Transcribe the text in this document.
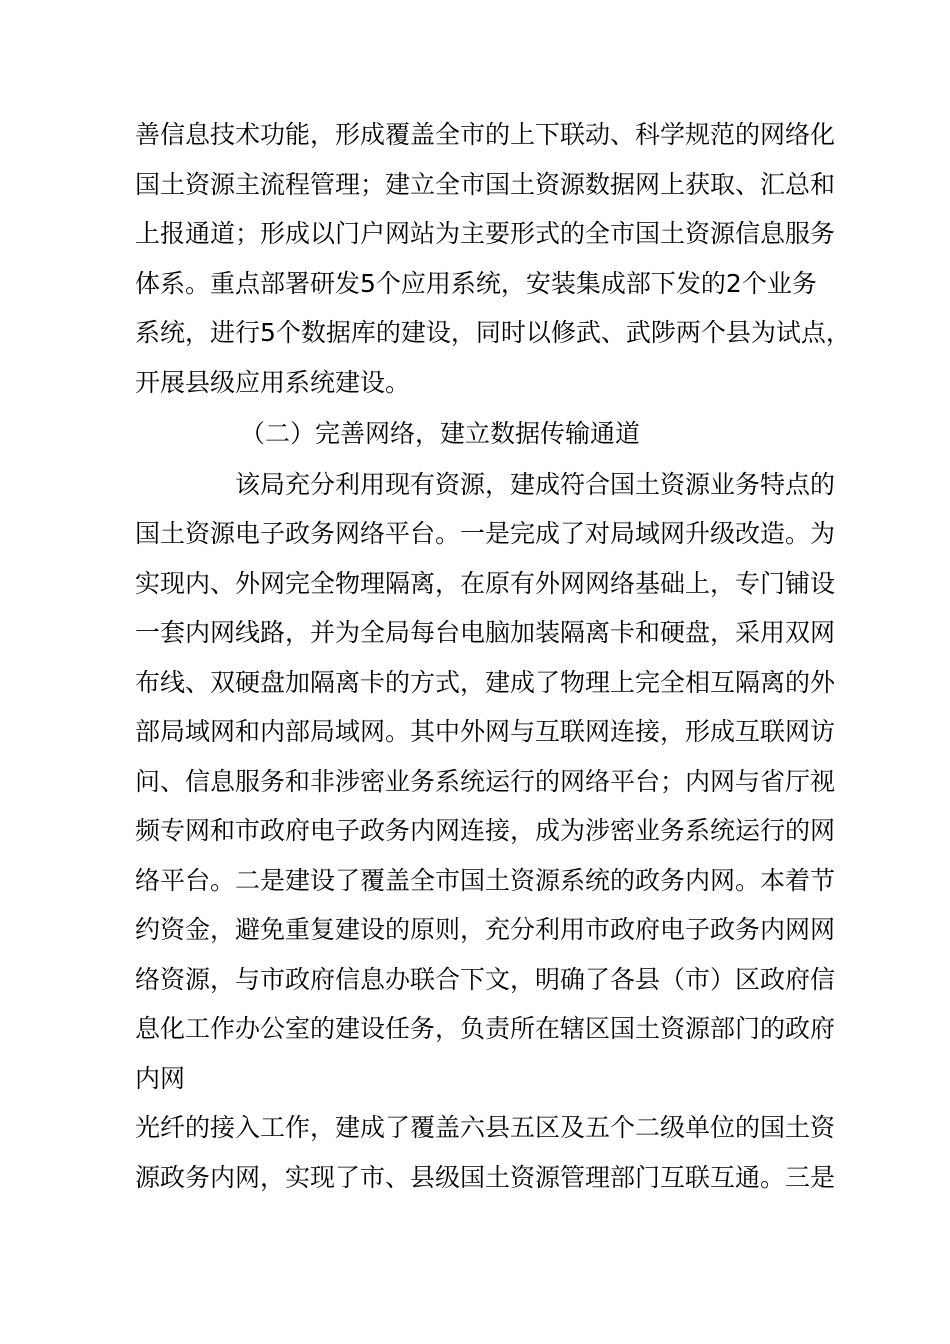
善信息技术功能，形成覆盖全市的上下联动、科学规范的网络化
国土资源主流程管理；建立全市国土资源数据网上获取、汇总和
上报通道；形成以门户网站为主要形式的全市国土资源信息服务
体系。重点部署研发5个应用系统，安装集成部下发的2个业务
系统，进行5个数据库的建设，同时以修武、武陟两个县为试点，
开展县级应用系统建设。
（二）完善网络，建立数据传输通道
该局充分利用现有资源，建成符合国土资源业务特点的
国土资源电子政务网络平台。一是完成了对局域网升级改造。为
实现内、外网完全物理隔离，在原有外网网络基础上，专门铺设
一套内网线路，并为全局每台电脑加装隔离卡和硬盘，采用双网
布线、双硬盘加隔离卡的方式，建成了物理上完全相互隔离的外
部局域网和内部局域网。其中外网与互联网连接，形成互联网访
问、信息服务和非涉密业务系统运行的网络平台；内网与省厅视
频专网和市政府电子政务内网连接，成为涉密业务系统运行的网
络平台。二是建设了覆盖全市国土资源系统的政务内网。本着节
约资金，避免重复建设的原则，充分利用市政府电子政务内网网
络资源，与市政府信息办联合下文，明确了各县（市）区政府信
息化工作办公室的建设任务，负责所在辖区国土资源部门的政府
内网
光纤的接入工作，建成了覆盖六县五区及五个二级单位的国土资
源政务内网，实现了市、县级国土资源管理部门互联互通。三是
